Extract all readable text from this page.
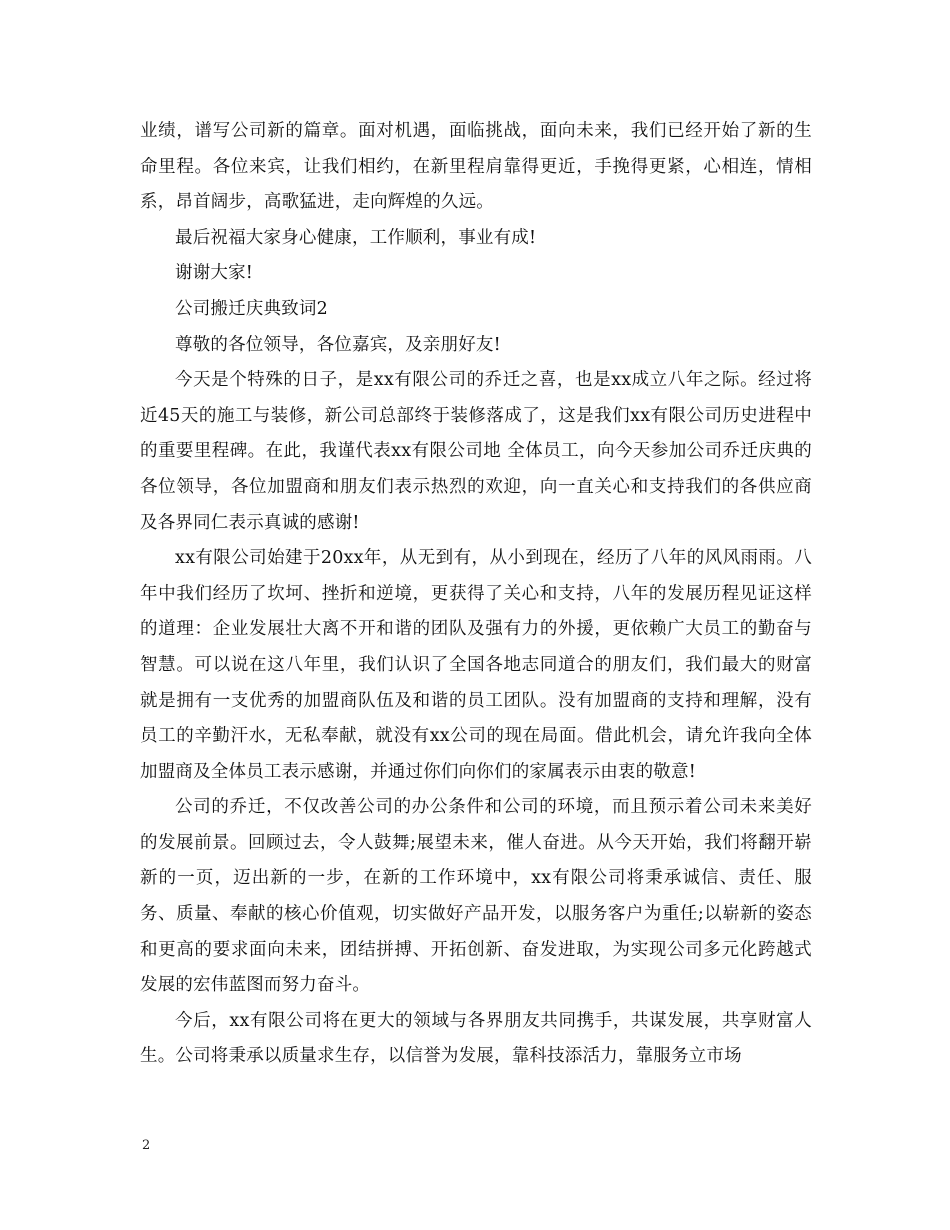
业绩，谱写公司新的篇章。面对机遇，面临挑战，面向未来，我们已经开始了新的生命里程。各位来宾，让我们相约，在新里程肩靠得更近，手挽得更紧，心相连，情相系，昂首阔步，高歌猛进，走向辉煌的久远。

最后祝福大家身心健康，工作顺利，事业有成!

谢谢大家!

公司搬迁庆典致词2

尊敬的各位领导，各位嘉宾，及亲朋好友!

今天是个特殊的日子，是xx有限公司的乔迁之喜，也是xx成立八年之际。经过将近45天的施工与装修，新公司总部终于装修落成了，这是我们xx有限公司历史进程中的重要里程碑。在此，我谨代表xx有限公司地 全体员工，向今天参加公司乔迁庆典的各位领导，各位加盟商和朋友们表示热烈的欢迎，向一直关心和支持我们的各供应商及各界同仁表示真诚的感谢!

xx有限公司始建于20xx年，从无到有，从小到现在，经历了八年的风风雨雨。八年中我们经历了坎坷、挫折和逆境，更获得了关心和支持，八年的发展历程见证这样的道理：企业发展壮大离不开和谐的团队及强有力的外援，更依赖广大员工的勤奋与智慧。可以说在这八年里，我们认识了全国各地志同道合的朋友们，我们最大的财富就是拥有一支优秀的加盟商队伍及和谐的员工团队。没有加盟商的支持和理解，没有员工的辛勤汗水，无私奉献，就没有xx公司的现在局面。借此机会，请允许我向全体加盟商及全体员工表示感谢，并通过你们向你们的家属表示由衷的敬意!

公司的乔迁，不仅改善公司的办公条件和公司的环境，而且预示着公司未来美好的发展前景。回顾过去，令人鼓舞;展望未来，催人奋进。从今天开始，我们将翻开崭新的一页，迈出新的一步，在新的工作环境中，xx有限公司将秉承诚信、责任、服务、质量、奉献的核心价值观，切实做好产品开发，以服务客户为重任;以崭新的姿态和更高的要求面向未来，团结拼搏、开拓创新、奋发进取，为实现公司多元化跨越式发展的宏伟蓝图而努力奋斗。

今后，xx有限公司将在更大的领域与各界朋友共同携手，共谋发展，共享财富人生。公司将秉承以质量求生存，以信誉为发展，靠科技添活力，靠服务立市场

2
